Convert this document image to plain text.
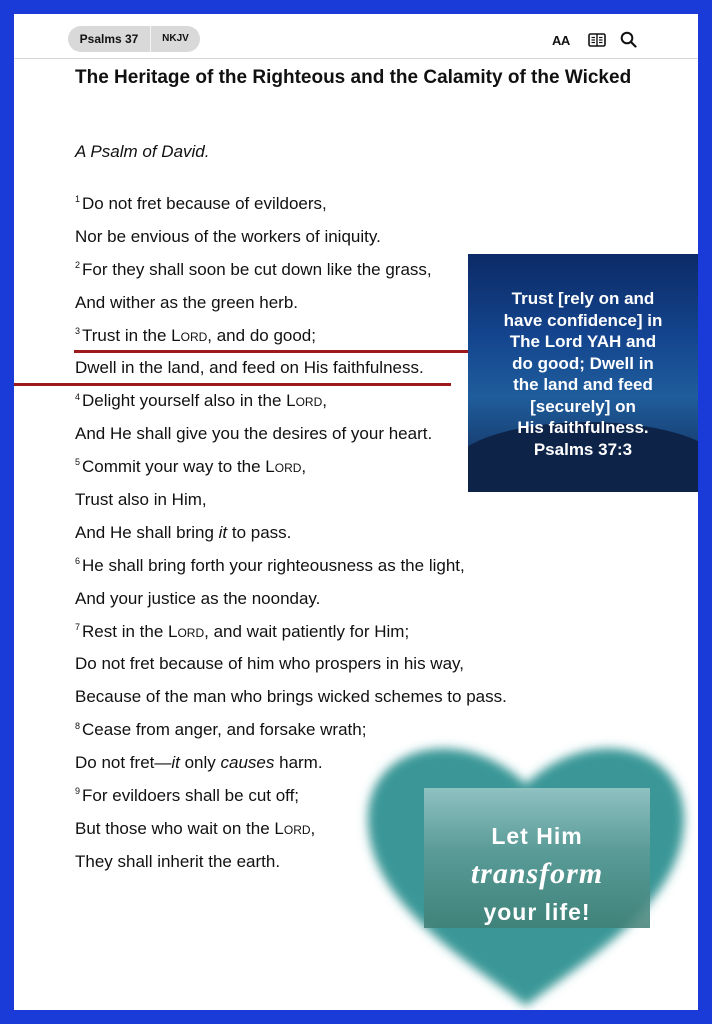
Psalms 37	NKJV	AA
The Heritage of the Righteous and the Calamity of the Wicked
A Psalm of David.
$^1$ Do not fret because of evildoers,
Nor be envious of the workers of iniquity.
$^2$ For they shall soon be cut down like the grass,
And wither as the green herb.
$^3$ Trust in the Lord, and do good;
Dwell in the land, and feed on His faithfulness.
$^4$ Delight yourself also in the Lord,
And He shall give you the desires of your heart.
$^5$ Commit your way to the Lord,
Trust also in Him,
And He shall bring it to pass.
$^6$ He shall bring forth your righteousness as the light,
And your justice as the noonday.
$^7$ Rest in the Lord, and wait patiently for Him;
Do not fret because of him who prospers in his way,
Because of the man who brings wicked schemes to pass.
$^8$ Cease from anger, and forsake wrath;
Do not fret—it only causes harm.
$^9$ For evildoers shall be cut off;
But those who wait on the Lord,
They shall inherit the earth.
Trust [rely on and
have confidence] in
The Lord YAH and
do good; Dwell in
the land and feed
[securely] on
His faithfulness.
Psalms 37:3
Let Him
transform
your life!
